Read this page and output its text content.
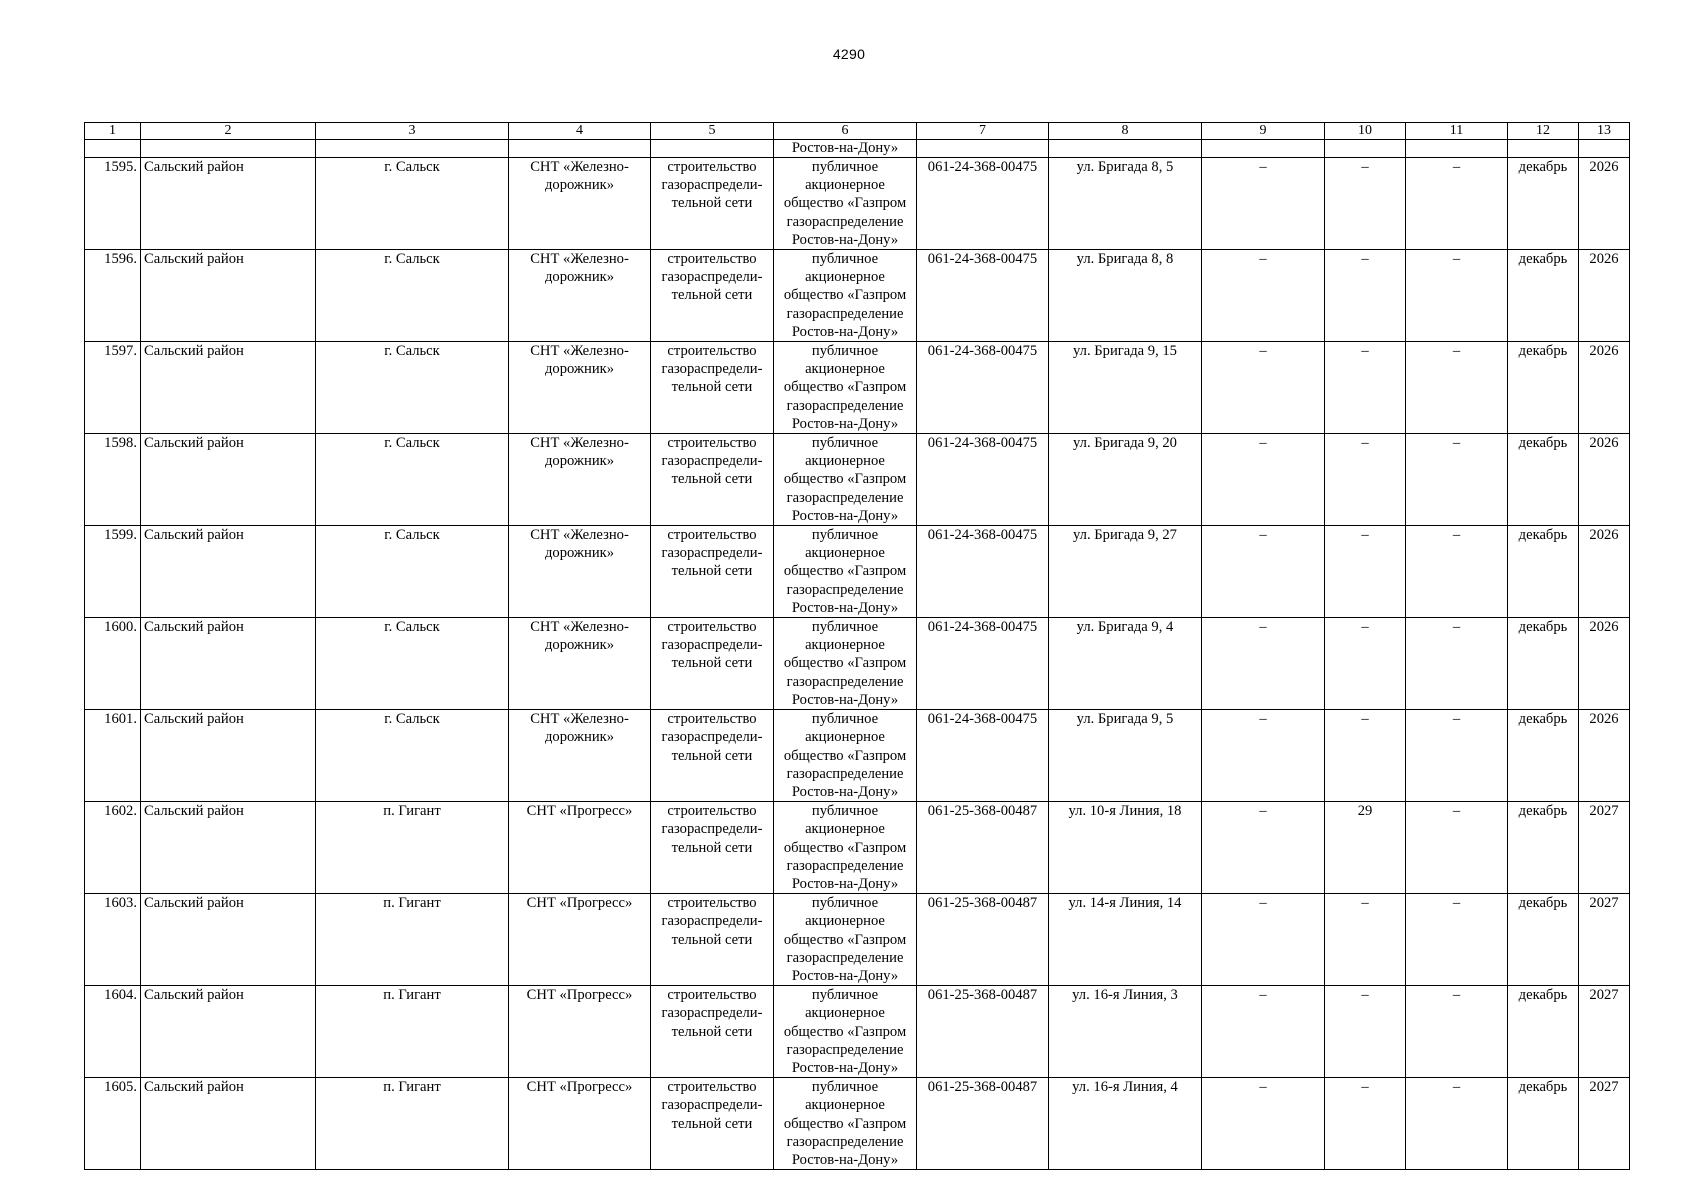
4290
1	2	3	4	5	6	7	8	9	10	11	12	13
					Ростов-на-Дону»							
1595.	Сальский район	г. Сальск	СНТ «Железно-дорожник»	строительство газораспредели-тельной сети	публичное акционерное общество «Газпром газораспределение Ростов-на-Дону»	061-24-368-00475	ул. Бригада 8, 5	–	–	–	декабрь	2026
1596.	Сальский район	г. Сальск	СНТ «Железно-дорожник»	строительство газораспредели-тельной сети	публичное акционерное общество «Газпром газораспределение Ростов-на-Дону»	061-24-368-00475	ул. Бригада 8, 8	–	–	–	декабрь	2026
1597.	Сальский район	г. Сальск	СНТ «Железно-дорожник»	строительство газораспредели-тельной сети	публичное акционерное общество «Газпром газораспределение Ростов-на-Дону»	061-24-368-00475	ул. Бригада 9, 15	–	–	–	декабрь	2026
1598.	Сальский район	г. Сальск	СНТ «Железно-дорожник»	строительство газораспредели-тельной сети	публичное акционерное общество «Газпром газораспределение Ростов-на-Дону»	061-24-368-00475	ул. Бригада 9, 20	–	–	–	декабрь	2026
1599.	Сальский район	г. Сальск	СНТ «Железно-дорожник»	строительство газораспредели-тельной сети	публичное акционерное общество «Газпром газораспределение Ростов-на-Дону»	061-24-368-00475	ул. Бригада 9, 27	–	–	–	декабрь	2026
1600.	Сальский район	г. Сальск	СНТ «Железно-дорожник»	строительство газораспредели-тельной сети	публичное акционерное общество «Газпром газораспределение Ростов-на-Дону»	061-24-368-00475	ул. Бригада 9, 4	–	–	–	декабрь	2026
1601.	Сальский район	г. Сальск	СНТ «Железно-дорожник»	строительство газораспредели-тельной сети	публичное акционерное общество «Газпром газораспределение Ростов-на-Дону»	061-24-368-00475	ул. Бригада 9, 5	–	–	–	декабрь	2026
1602.	Сальский район	п. Гигант	СНТ «Прогресс»	строительство газораспредели-тельной сети	публичное акционерное общество «Газпром газораспределение Ростов-на-Дону»	061-25-368-00487	ул. 10-я Линия, 18	–	29	–	декабрь	2027
1603.	Сальский район	п. Гигант	СНТ «Прогресс»	строительство газораспредели-тельной сети	публичное акционерное общество «Газпром газораспределение Ростов-на-Дону»	061-25-368-00487	ул. 14-я Линия, 14	–	–	–	декабрь	2027
1604.	Сальский район	п. Гигант	СНТ «Прогресс»	строительство газораспредели-тельной сети	публичное акционерное общество «Газпром газораспределение Ростов-на-Дону»	061-25-368-00487	ул. 16-я Линия, 3	–	–	–	декабрь	2027
1605.	Сальский район	п. Гигант	СНТ «Прогресс»	строительство газораспредели-тельной сети	публичное акционерное общество «Газпром газораспределение Ростов-на-Дону»	061-25-368-00487	ул. 16-я Линия, 4	–	–	–	декабрь	2027
